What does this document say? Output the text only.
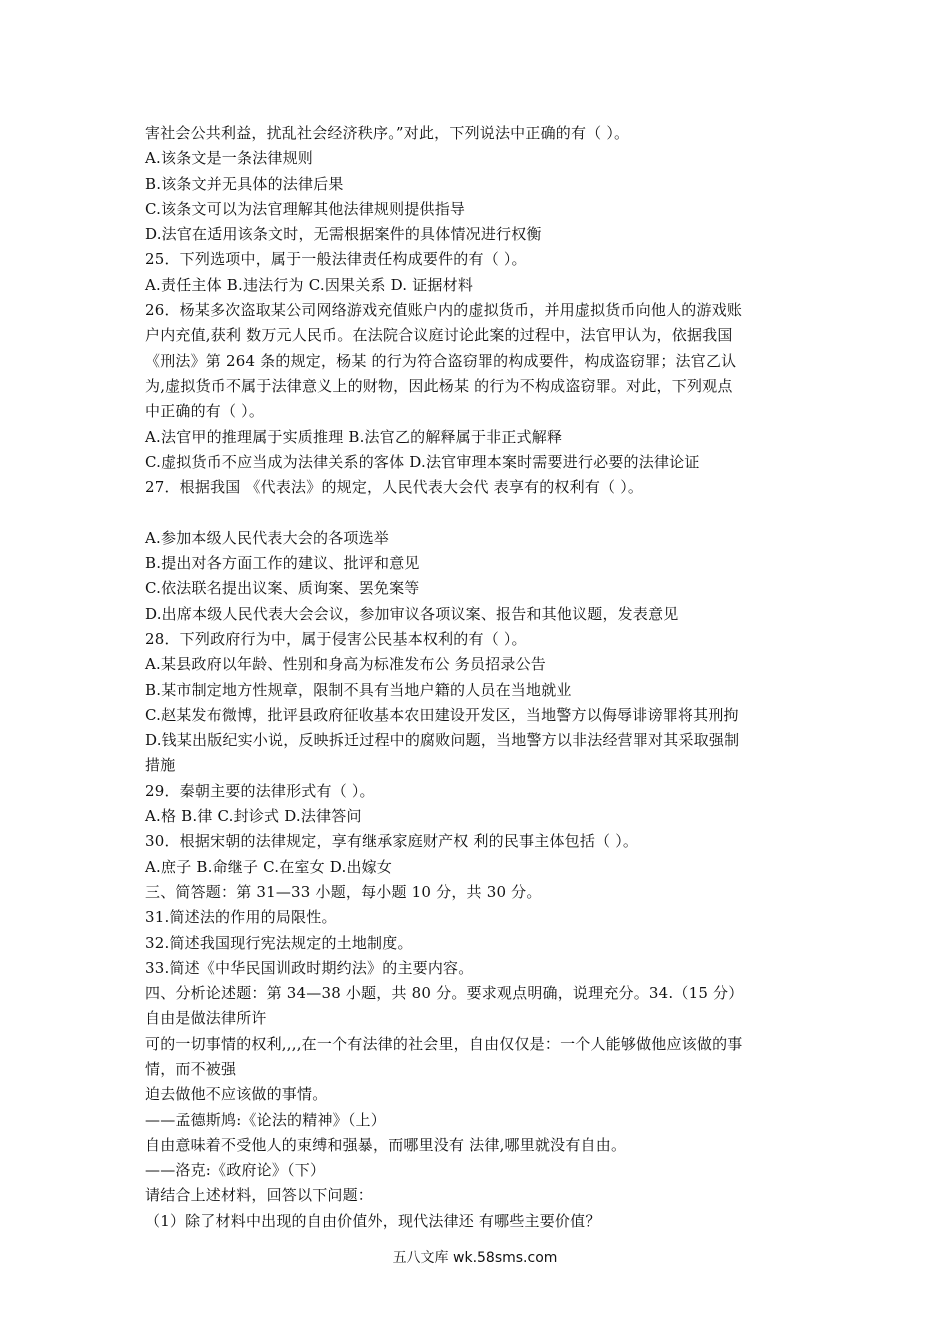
害社会公共利益，扰乱社会经济秩序。”对此，下列说法中正确的有（ ）。
A.该条文是一条法律规则
B.该条文并无具体的法律后果
C.该条文可以为法官理解其他法律规则提供指导
D.法官在适用该条文时，无需根据案件的具体情况进行权衡
25．下列选项中，属于一般法律责任构成要件的有（ ）。
A.责任主体 B.违法行为 C.因果关系 D. 证据材料
26．杨某多次盗取某公司网络游戏充值账户内的虚拟货币，并用虚拟货币向他人的游戏账
户内充值,获利 数万元人民币。在法院合议庭讨论此案的过程中，法官甲认为，依据我国
《刑法》第 264 条的规定，杨某 的行为符合盗窃罪的构成要件，构成盗窃罪；法官乙认
为,虚拟货币不属于法律意义上的财物，因此杨某 的行为不构成盗窃罪。对此，下列观点
中正确的有（ ）。
A.法官甲的推理属于实质推理 B.法官乙的解释属于非正式解释
C.虚拟货币不应当成为法律关系的客体 D.法官审理本案时需要进行必要的法律论证
27．根据我国 《代表法》的规定，人民代表大会代 表享有的权利有（ ）。
A.参加本级人民代表大会的各项选举
B.提出对各方面工作的建议、批评和意见
C.依法联名提出议案、质询案、罢免案等
D.出席本级人民代表大会会议，参加审议各项议案、报告和其他议题，发表意见
28．下列政府行为中，属于侵害公民基本权利的有（ ）。
A.某县政府以年龄、性别和身高为标准发布公 务员招录公告
B.某市制定地方性规章，限制不具有当地户籍的人员在当地就业
C.赵某发布微博，批评县政府征收基本农田建设开发区，当地警方以侮辱诽谤罪将其刑拘
D.钱某出版纪实小说，反映拆迁过程中的腐败问题，当地警方以非法经营罪对其采取强制
措施
29．秦朝主要的法律形式有（ ）。
A.格 B.律 C.封诊式 D.法律答问
30．根据宋朝的法律规定，享有继承家庭财产权 利的民事主体包括（ ）。
A.庶子 B.命继子 C.在室女 D.出嫁女
三、简答题：第 31—33 小题，每小题 10 分，共 30 分。
31.简述法的作用的局限性。
32.简述我国现行宪法规定的土地制度。
33.简述《中华民国训政时期约法》的主要内容。
四、分析论述题：第 34—38 小题，共 80 分。要求观点明确，说理充分。34.（15 分）
自由是做法律所许
可的一切事情的权利,,,,在一个有法律的社会里，自由仅仅是：一个人能够做他应该做的事
情，而不被强
迫去做他不应该做的事情。
——孟德斯鸠:《论法的精神》（上）
自由意味着不受他人的束缚和强暴，而哪里没有 法律,哪里就没有自由。
——洛克:《政府论》（下）
请结合上述材料，回答以下问题：
（1）除了材料中出现的自由价值外，现代法律还 有哪些主要价值？
五八文库 wk.58sms.com
